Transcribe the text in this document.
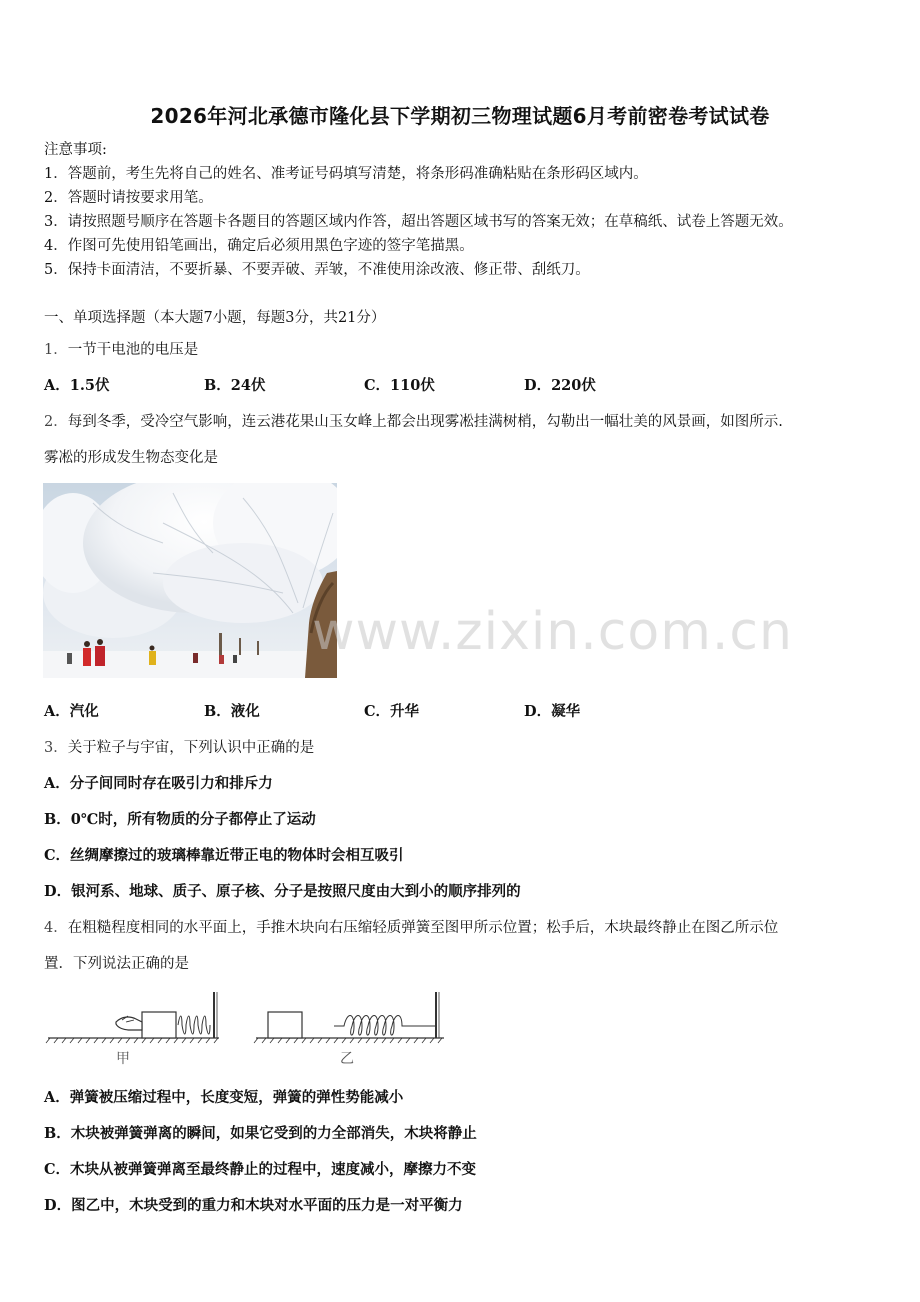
2026年河北承德市隆化县下学期初三物理试题6月考前密卷考试试卷
注意事项:
1．答题前，考生先将自己的姓名、准考证号码填写清楚，将条形码准确粘贴在条形码区域内。
2．答题时请按要求用笔。
3．请按照题号顺序在答题卡各题目的答题区域内作答，超出答题区域书写的答案无效；在草稿纸、试卷上答题无效。
4．作图可先使用铅笔画出，确定后必须用黑色字迹的签字笔描黑。
5．保持卡面清洁，不要折暴、不要弄破、弄皱，不准使用涂改液、修正带、刮纸刀。
一、单项选择题（本大题7小题，每题3分，共21分）
1．一节干电池的电压是
A．1.5伏	B．24伏	C．110伏	D．220伏
2．每到冬季，受冷空气影响，连云港花果山玉女峰上都会出现雾凇挂满树梢，勾勒出一幅壮美的风景画，如图所示.
雾凇的形成发生物态变化是
www.zixin.com.cn
A．汽化	B．液化	C．升华	D．凝华
3．关于粒子与宇宙，下列认识中正确的是
A．分子间同时存在吸引力和排斥力
B．0℃时，所有物质的分子都停止了运动
C．丝绸摩擦过的玻璃棒靠近带正电的物体时会相互吸引
D．银河系、地球、质子、原子核、分子是按照尺度由大到小的顺序排列的
4．在粗糙程度相同的水平面上，手推木块向右压缩轻质弹簧至图甲所示位置；松手后，木块最终静止在图乙所示位
置．下列说法正确的是
甲	乙
A．弹簧被压缩过程中，长度变短，弹簧的弹性势能减小
B．木块被弹簧弹离的瞬间，如果它受到的力全部消失，木块将静止
C．木块从被弹簧弹离至最终静止的过程中，速度减小，摩擦力不变
D．图乙中，木块受到的重力和木块对水平面的压力是一对平衡力
